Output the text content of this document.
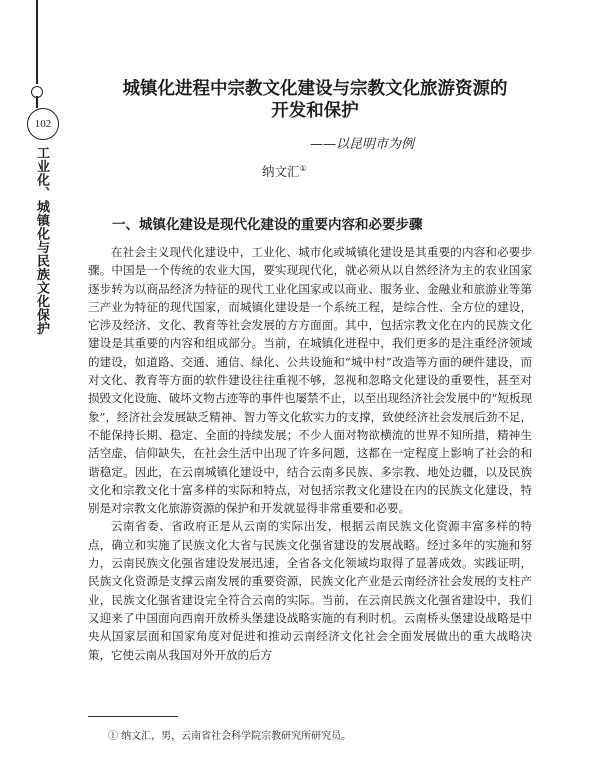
102
工业化、城镇化与民族文化保护
城镇化进程中宗教文化建设与宗教文化旅游资源的
开发和保护
——以昆明市为例
纳文汇①
一、城镇化建设是现代化建设的重要内容和必要步骤

在社会主义现代化建设中，工业化、城市化或城镇化建设是其重要的内容和必要步骤。中国是一个传统的农业大国，要实现现代化，就必须从以自然经济为主的农业国家逐步转为以商品经济为特征的现代工业化国家或以商业、服务业、金融业和旅游业等第三产业为特征的现代国家，而城镇化建设是一个系统工程，是综合性、全方位的建设，它涉及经济、文化、教育等社会发展的方方面面。其中，包括宗教文化在内的民族文化建设是其重要的内容和组成部分。当前，在城镇化进程中，我们更多的是注重经济领域的建设，如道路、交通、通信、绿化、公共设施和“城中村”改造等方面的硬件建设，而对文化、教育等方面的软件建设往往重视不够，忽视和忽略文化建设的重要性，甚至对损毁文化设施、破坏文物古迹等的事件也屡禁不止，以至出现经济社会发展中的“短板现象”，经济社会发展缺乏精神、智力等文化软实力的支撑，致使经济社会发展后劲不足，不能保持长期、稳定、全面的持续发展；不少人面对物欲横流的世界不知所措，精神生活空虚，信仰缺失，在社会生活中出现了许多问题，这都在一定程度上影响了社会的和谐稳定。因此，在云南城镇化建设中，结合云南多民族、多宗教、地处边疆，以及民族文化和宗教文化十富多样的实际和特点，对包括宗教文化建设在内的民族文化建设，特别是对宗教文化旅游资源的保护和开发就显得非常重要和必要。

云南省委、省政府正是从云南的实际出发，根据云南民族文化资源丰富多样的特点，确立和实施了民族文化大省与民族文化强省建设的发展战略。经过多年的实施和努力，云南民族文化强省建设发展迅速，全省各文化领域均取得了显著成效。实践证明，民族文化资源是支撑云南发展的重要资源，民族文化产业是云南经济社会发展的支柱产业，民族文化强省建设完全符合云南的实际。当前，在云南民族文化强省建设中，我们又迎来了中国面向西南开放桥头堡建设战略实施的有利时机。云南桥头堡建设战略是中央从国家层面和国家角度对促进和推动云南经济文化社会全面发展做出的重大战略决策，它使云南从我国对外开放的后方

① 纳文汇，男，云南省社会科学院宗教研究所研究员。
